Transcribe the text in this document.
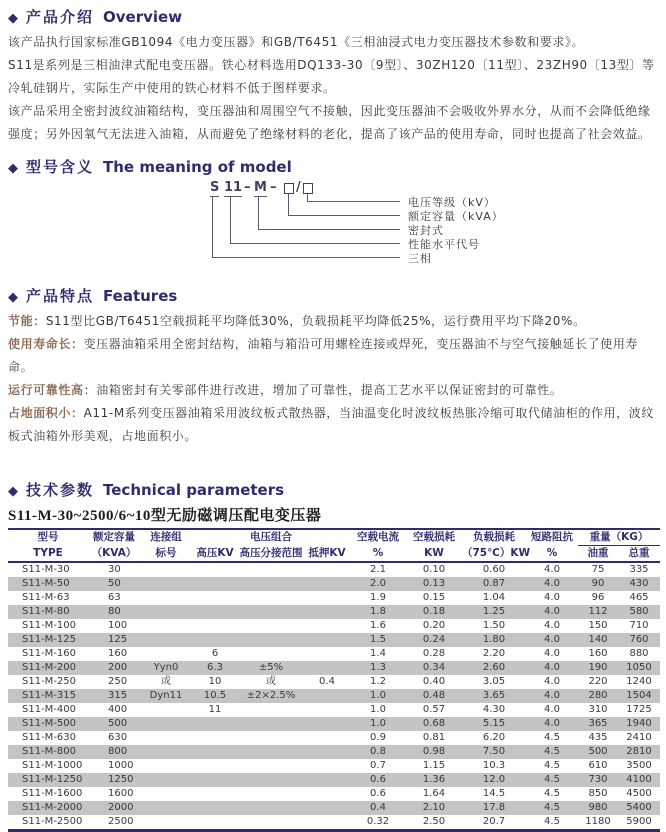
◆ 产品介绍 Overview

该产品执行国家标准GB1094《电力变压器》和GB/T6451《三相油浸式电力变压器技术参数和要求》。

S11是系列是三相油津式配电变压器。铁心材料选用DQ133-30〔9型〕、30ZH120〔11型〕、23ZH90〔13型〕等冷轧硅钢片，实际生产中使用的铁心材料不低于图样要求。

该产品采用全密封波纹油箱结构，变压器油和周围空气不接触，因此变压器油不会吸收外界水分，从而不会降低绝缘强度；另外因氧气无法进入油箱，从而避免了绝缘材料的老化，提高了该产品的使用寿命，同时也提高了社会效益。

◆ 型号含义 The meaning of model
S 11 – M – /
电压等级（kV）
额定容量（kVA）
密封式
性能水平代号
三相
◆ 产品特点 Features
节能：S11型比GB/T6451空载损耗平均降低30%，负载损耗平均降低25%，运行费用平均下降20%。
使用寿命长：变压器油箱采用全密封结构，油箱与箱沿可用螺栓连接或焊死，变压器油不与空气接触延长了使用寿命。
运行可靠性高：油箱密封有关零部件进行改进，增加了可靠性，提高工艺水平以保证密封的可靠性。
占地面积小：A11-M系列变压器油箱采用波纹板式散热器，当油温变化时波纹板热胀冷缩可取代储油柜的作用，波纹板式油箱外形美观，占地面积小。
◆ 技术参数 Technical parameters
S11-M-30~2500/6~10型无励磁调压配电变压器
型号	额定容量	连接组	电压组合			空载电流	空载损耗	负载损耗	短路阻抗	重量（KG）	
TYPE	（KVA）	标号	高压KV	高压分接范围	抵押KV	%	KW	（75℃）KW	%	油重	总重
S11-M-30	30					2.1	0.10	0.60	4.0	75	335
S11-M-50	50					2.0	0.13	0.87	4.0	90	430
S11-M-63	63					1.9	0.15	1.04	4.0	96	465
S11-M-80	80					1.8	0.18	1.25	4.0	112	580
S11-M-100	100					1.6	0.20	1.50	4.0	150	710
S11-M-125	125					1.5	0.24	1.80	4.0	140	760
S11-M-160	160		6			1.4	0.28	2.20	4.0	160	880
S11-M-200	200	Yyn0	6.3	±5%		1.3	0.34	2.60	4.0	190	1050
S11-M-250	250	或	10	或	0.4	1.2	0.40	3.05	4.0	220	1240
S11-M-315	315	Dyn11	10.5	±2×2.5%		1.0	0.48	3.65	4.0	280	1504
S11-M-400	400		11			1.0	0.57	4.30	4.0	310	1725
S11-M-500	500					1.0	0.68	5.15	4.0	365	1940
S11-M-630	630					0.9	0.81	6.20	4.5	435	2410
S11-M-800	800					0.8	0.98	7.50	4.5	500	2810
S11-M-1000	1000					0.7	1.15	10.3	4.5	610	3500
S11-M-1250	1250					0.6	1.36	12.0	4.5	730	4100
S11-M-1600	1600					0.6	1.64	14.5	4.5	850	4500
S11-M-2000	2000					0.4	2.10	17.8	4.5	980	5400
S11-M-2500	2500					0.32	2.50	20.7	4.5	1180	5900
